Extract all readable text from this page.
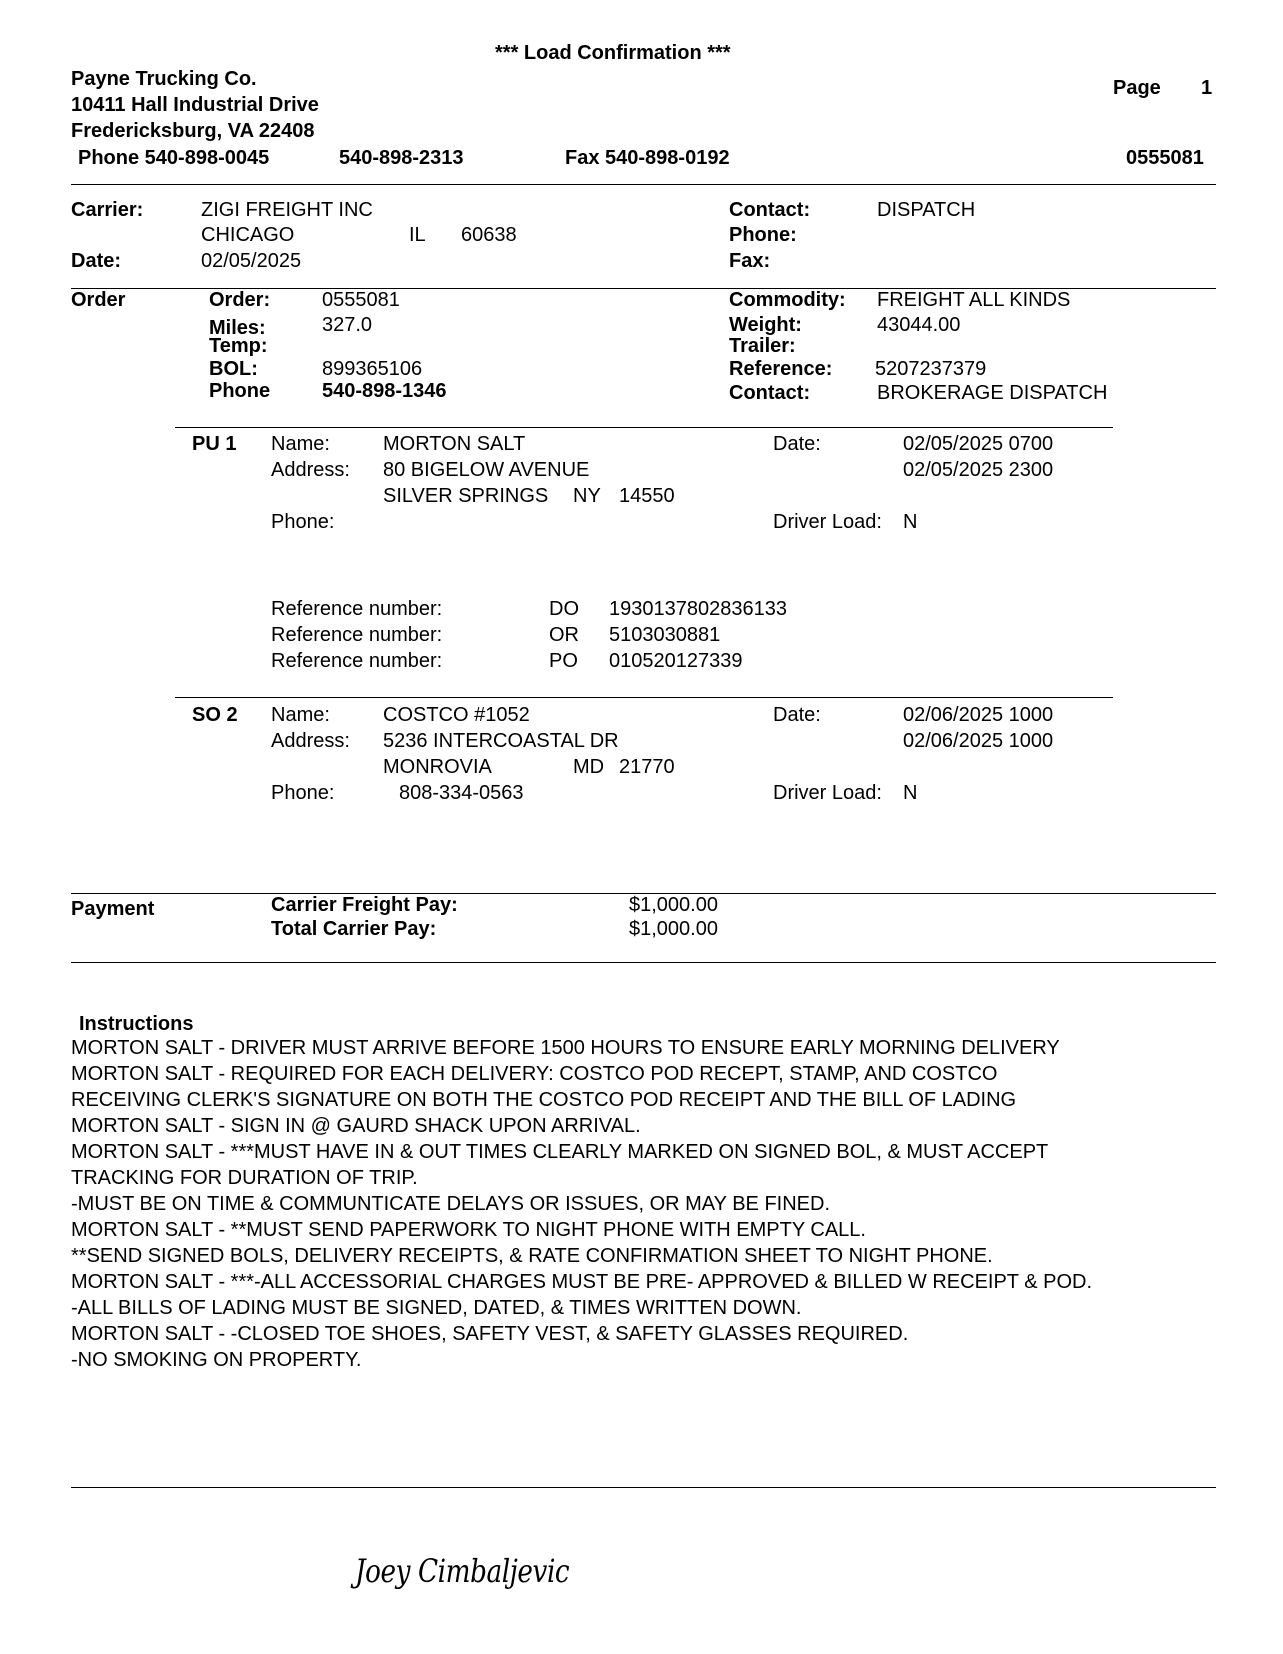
*** Load Confirmation ***
Payne Trucking Co.
10411 Hall Industrial Drive
Fredericksburg, VA 22408
Phone 540-898-0045	540-898-2313	Fax 540-898-0192
Page 1
0555081
Carrier:	ZIGI FREIGHT INC
CHICAGO	IL 60638
Date:	02/05/2025
Contact:	DISPATCH
Phone:
Fax:
Order	Order:	0555081
Miles:	327.0
Temp:
BOL:	899365106
Phone	540-898-1346
Commodity: FREIGHT ALL KINDS
Weight:	43044.00
Trailer:
Reference: 5207237379
Contact:	BROKERAGE DISPATCH
PU 1 Name:	MORTON SALT
Address: 80 BIGELOW AVENUE
SILVER SPRINGS NY 14550
Phone:
Date:	02/05/2025 0700
02/05/2025 2300
Driver Load: N
Reference number:	DO 1930137802836133
Reference number:	OR 5103030881
Reference number:	PO 010520127339
SO 2 Name:	COSTCO #1052
Address: 5236 INTERCOASTAL DR
MONROVIA	MD 21770
Phone:	808-334-0563
Date:	02/06/2025 1000
02/06/2025 1000
Driver Load: N
Payment	Carrier Freight Pay:	$1,000.00
Total Carrier Pay:	$1,000.00
Instructions
MORTON SALT - DRIVER MUST ARRIVE BEFORE 1500 HOURS TO ENSURE EARLY MORNING DELIVERY
MORTON SALT - REQUIRED FOR EACH DELIVERY: COSTCO POD RECEPT, STAMP, AND COSTCO
RECEIVING CLERK'S SIGNATURE ON BOTH THE COSTCO POD RECEIPT AND THE BILL OF LADING
MORTON SALT - SIGN IN @ GAURD SHACK UPON ARRIVAL.
MORTON SALT - ***MUST HAVE IN & OUT TIMES CLEARLY MARKED ON SIGNED BOL, & MUST ACCEPT
TRACKING FOR DURATION OF TRIP.
-MUST BE ON TIME & COMMUNTICATE DELAYS OR ISSUES, OR MAY BE FINED.
MORTON SALT - **MUST SEND PAPERWORK TO NIGHT PHONE WITH EMPTY CALL.
**SEND SIGNED BOLS, DELIVERY RECEIPTS, & RATE CONFIRMATION SHEET TO NIGHT PHONE.
MORTON SALT - ***-ALL ACCESSORIAL CHARGES MUST BE PRE- APPROVED & BILLED W RECEIPT & POD.
-ALL BILLS OF LADING MUST BE SIGNED, DATED, & TIMES WRITTEN DOWN.
MORTON SALT - -CLOSED TOE SHOES, SAFETY VEST, & SAFETY GLASSES REQUIRED.
-NO SMOKING ON PROPERTY.
Joey Cimbaljevic
